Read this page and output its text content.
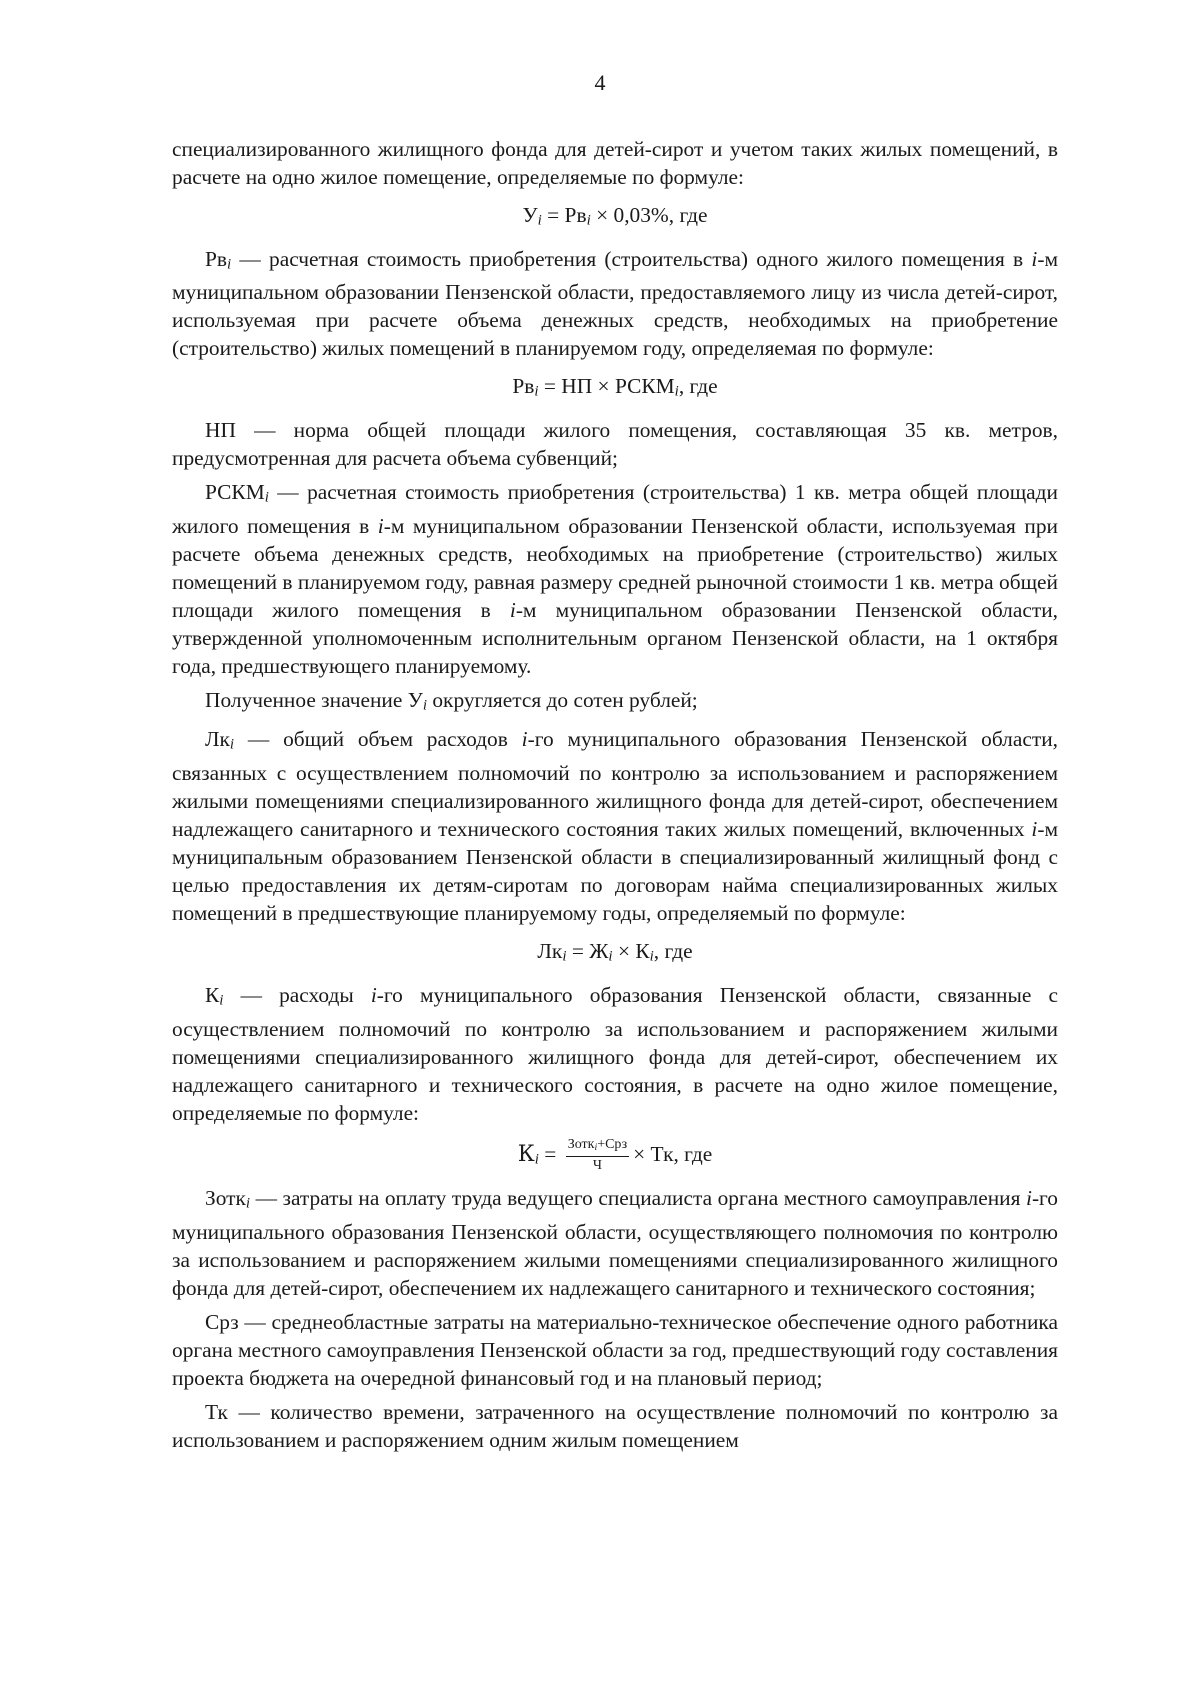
4

специализированного жилищного фонда для детей-сирот и учетом таких жилых помещений, в расчете на одно жилое помещение, определяемые по формуле:

Уi = Рвi × 0,03%, где

Рвi — расчетная стоимость приобретения (строительства) одного жилого помещения в i-м муниципальном образовании Пензенской области, предоставляемого лицу из числа детей-сирот, используемая при расчете объема денежных средств, необходимых на приобретение (строительство) жилых помещений в планируемом году, определяемая по формуле:

Рвi = НП × РСКМi, где

НП — норма общей площади жилого помещения, составляющая 35 кв. метров, предусмотренная для расчета объема субвенций;

РСКМi — расчетная стоимость приобретения (строительства) 1 кв. метра общей площади жилого помещения в i-м муниципальном образовании Пензенской области, используемая при расчете объема денежных средств, необходимых на приобретение (строительство) жилых помещений в планируемом году, равная размеру средней рыночной стоимости 1 кв. метра общей площади жилого помещения в i-м муниципальном образовании Пензенской области, утвержденной уполномоченным исполнительным органом Пензенской области, на 1 октября года, предшествующего планируемому.

Полученное значение Уi округляется до сотен рублей;

Лкi — общий объем расходов i-го муниципального образования Пензенской области, связанных с осуществлением полномочий по контролю за использованием и распоряжением жилыми помещениями специализированного жилищного фонда для детей-сирот, обеспечением надлежащего санитарного и технического состояния таких жилых помещений, включенных i-м муниципальным образованием Пензенской области в специализированный жилищный фонд с целью предоставления их детям-сиротам по договорам найма специализированных жилых помещений в предшествующие планируемому годы, определяемый по формуле:

Лкi = Жi × Кi, где

Кi — расходы i-го муниципального образования Пензенской области, связанные с осуществлением полномочий по контролю за использованием и распоряжением жилыми помещениями специализированного жилищного фонда для детей-сирот, обеспечением их надлежащего санитарного и технического состояния, в расчете на одно жилое помещение, определяемые по формуле:

Кi = $\frac{\text{Зоткi+Срз}}{Ч}$ × Тк, где

Зоткi — затраты на оплату труда ведущего специалиста органа местного самоуправления i-го муниципального образования Пензенской области, осуществляющего полномочия по контролю за использованием и распоряжением жилыми помещениями специализированного жилищного фонда для детей-сирот, обеспечением их надлежащего санитарного и технического состояния;

Срз — среднеобластные затраты на материально-техническое обеспечение одного работника органа местного самоуправления Пензенской области за год, предшествующий году составления проекта бюджета на очередной финансовый год и на плановый период;

Тк — количество времени, затраченного на осуществление полномочий по контролю за использованием и распоряжением одним жилым помещением
